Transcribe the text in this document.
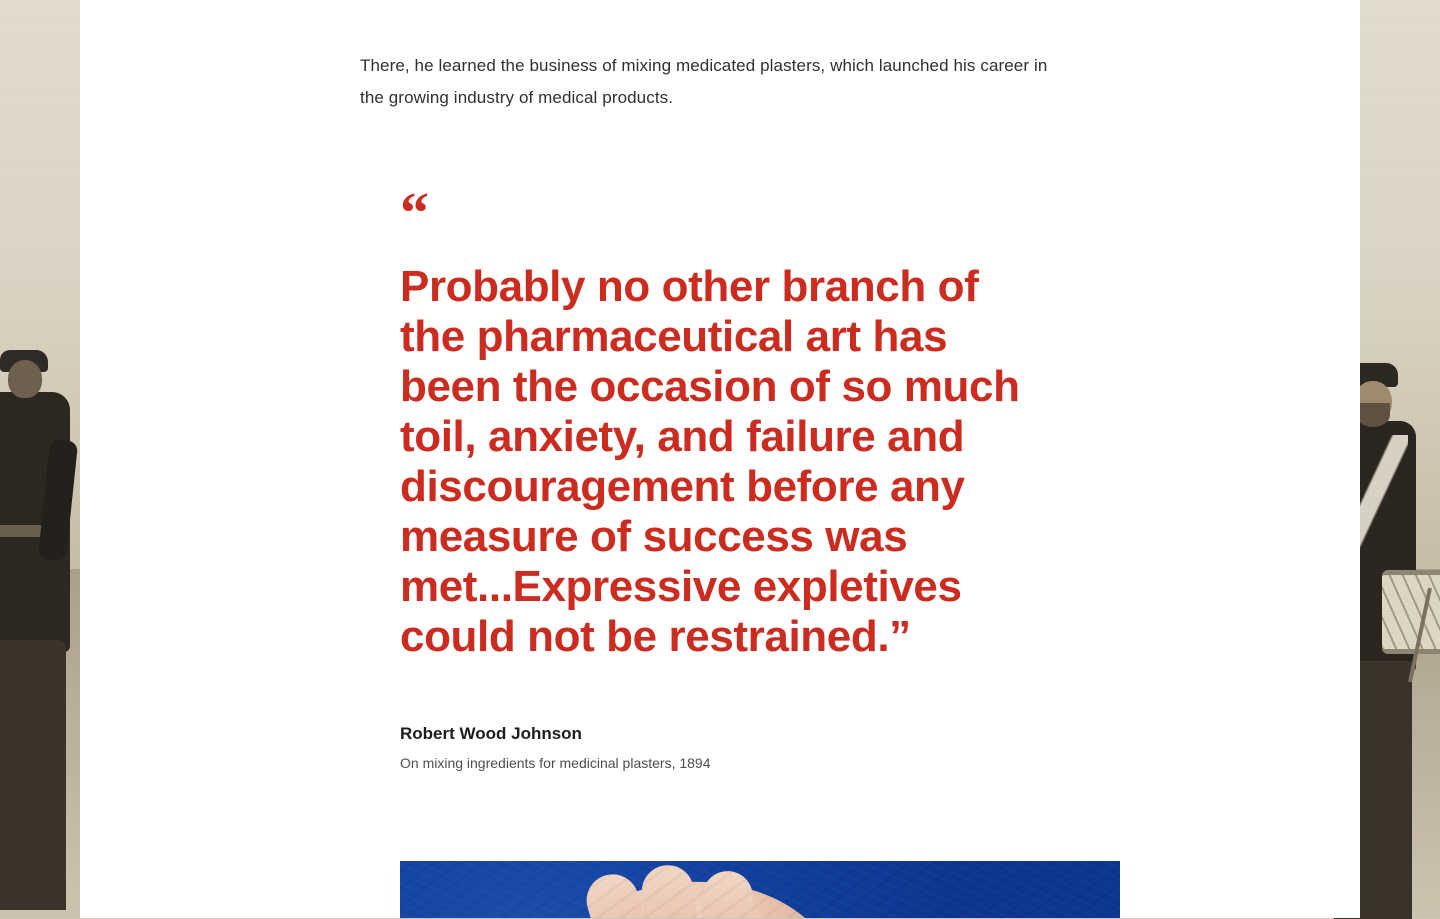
There, he learned the business of mixing medicated plasters, which launched his career in the growing industry of medical products.

“

Probably no other branch of the pharmaceutical art has been the occasion of so much toil, anxiety, and failure and discouragement before any measure of success was met...Expressive expletives could not be restrained.”

Robert Wood Johnson
On mixing ingredients for medicinal plasters, 1894
